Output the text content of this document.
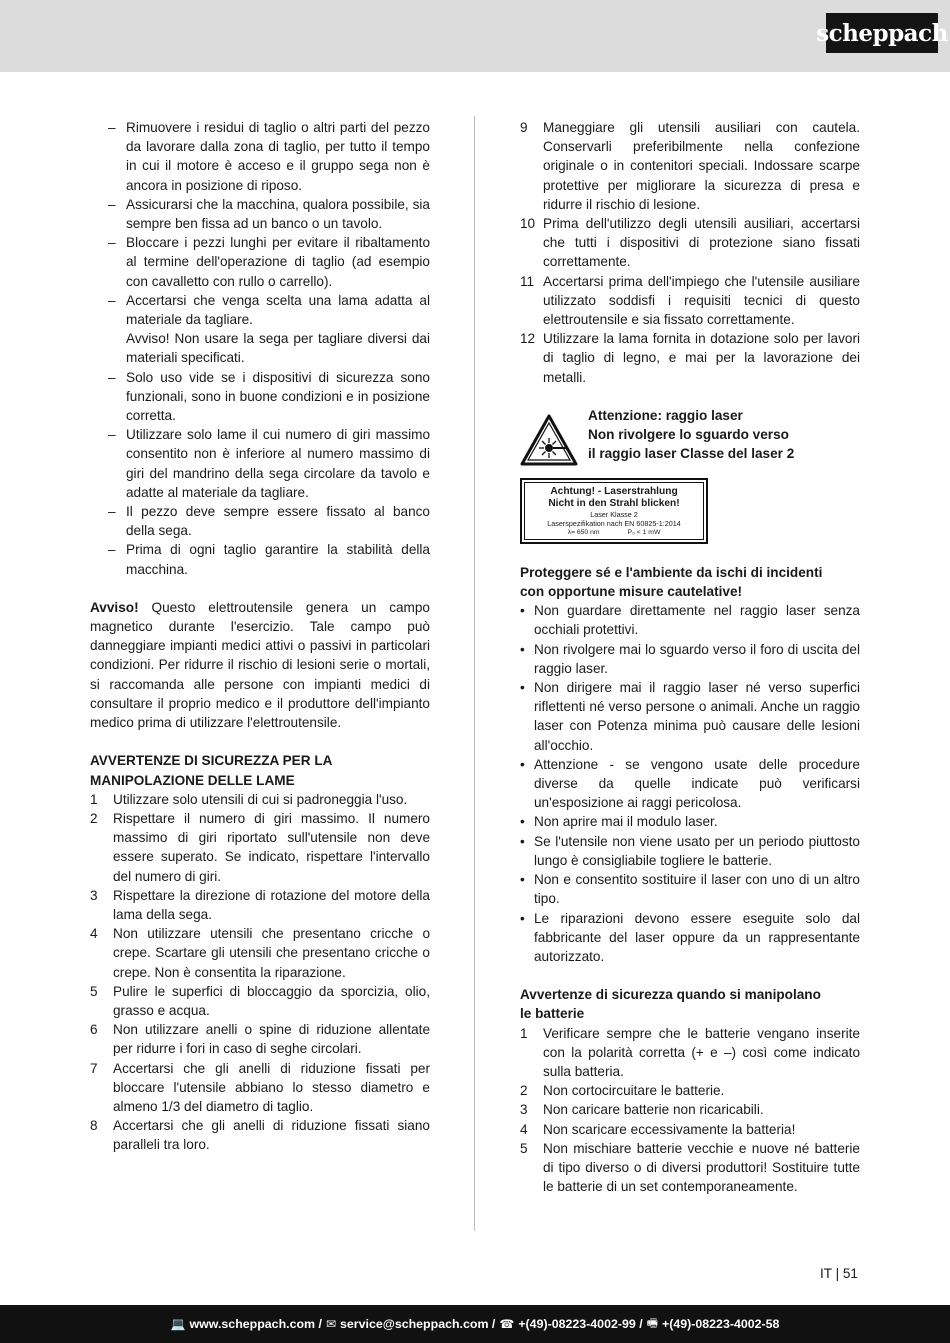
scheppach
– Rimuovere i residui di taglio o altri parti del pezzo da lavorare dalla zona di taglio, per tutto il tempo in cui il motore è acceso e il gruppo sega non è ancora in posizione di riposo.
– Assicurarsi che la macchina, qualora possibile, sia sempre ben fissa ad un banco o un tavolo.
– Bloccare i pezzi lunghi per evitare il ribaltamento al termine dell'operazione di taglio (ad esempio con cavalletto con rullo o carrello).
– Accertarsi che venga scelta una lama adatta al materiale da tagliare.
Avviso! Non usare la sega per tagliare diversi dai materiali specificati.
– Solo uso vide se i dispositivi di sicurezza sono funzionali, sono in buone condizioni e in posizione corretta.
– Utilizzare solo lame il cui numero di giri massimo consentito non è inferiore al numero massimo di giri del mandrino della sega circolare da tavolo e adatte al materiale da tagliare.
– Il pezzo deve sempre essere fissato al banco della sega.
– Prima di ogni taglio garantire la stabilità della macchina.

Avviso! Questo elettroutensile genera un campo magnetico durante l'esercizio. Tale campo può danneggiare impianti medici attivi o passivi in particolari condizioni. Per ridurre il rischio di lesioni serie o mortali, si raccomanda alle persone con impianti medici di consultare il proprio medico e il produttore dell'impianto medico prima di utilizzare l'elettroutensile.

AVVERTENZE DI SICUREZZA PER LA
MANIPOLAZIONE DELLE LAME
1	Utilizzare solo utensili di cui si padroneggia l'uso.
2	Rispettare il numero di giri massimo. Il numero massimo di giri riportato sull'utensile non deve essere superato. Se indicato, rispettare l'intervallo del numero di giri.
3	Rispettare la direzione di rotazione del motore della lama della sega.
4	Non utilizzare utensili che presentano cricche o crepe. Scartare gli utensili che presentano cricche o crepe. Non è consentita la riparazione.
5	Pulire le superfici di bloccaggio da sporcizia, olio, grasso e acqua.
6	Non utilizzare anelli o spine di riduzione allentate per ridurre i fori in caso di seghe circolari.
7	Accertarsi che gli anelli di riduzione fissati per bloccare l'utensile abbiano lo stesso diametro e almeno 1/3 del diametro di taglio.
8	Accertarsi che gli anelli di riduzione fissati siano paralleli tra loro.
9	Maneggiare gli utensili ausiliari con cautela. Conservarli preferibilmente nella confezione originale o in contenitori speciali. Indossare scarpe protettive per migliorare la sicurezza di presa e ridurre il rischio di lesione.
10 Prima dell'utilizzo degli utensili ausiliari, accertarsi che tutti i dispositivi di protezione siano fissati correttamente.
11 Accertarsi prima dell'impiego che l'utensile ausiliare utilizzato soddisfi i requisiti tecnici di questo elettroutensile e sia fissato correttamente.
12 Utilizzare la lama fornita in dotazione solo per lavori di taglio di legno, e mai per la lavorazione dei metalli.
Attenzione: raggio laser
Non rivolgere lo sguardo verso
il raggio laser Classe del laser 2
Achtung! - Laserstrahlung
Nicht in den Strahl blicken!
Laser Klasse 2
Laserspezifikation nach EN 60825-1:2014
λ= 650 nm	P₀ < 1 mW
Proteggere sé e l'ambiente da ischi di incidenti
con opportune misure cautelative!
• Non guardare direttamente nel raggio laser senza occhiali protettivi.
• Non rivolgere mai lo sguardo verso il foro di uscita del raggio laser.
• Non dirigere mai il raggio laser né verso superfici riflettenti né verso persone o animali. Anche un raggio laser con Potenza minima può causare delle lesioni all'occhio.
• Attenzione - se vengono usate delle procedure diverse da quelle indicate può verificarsi un'esposizione ai raggi pericolosa.
• Non aprire mai il modulo laser.
• Se l'utensile non viene usato per un periodo piuttosto lungo è consigliabile togliere le batterie.
• Non e consentito sostituire il laser con uno di un altro tipo.
• Le riparazioni devono essere eseguite solo dal fabbricante del laser oppure da un rappresentante autorizzato.
Avvertenze di sicurezza quando si manipolano
le batterie
1	Verificare sempre che le batterie vengano inserite con la polarità corretta (+ e –) così come indicato sulla batteria.
2	Non cortocircuitare le batterie.
3	Non caricare batterie non ricaricabili.
4	Non scaricare eccessivamente la batteria!
5	Non mischiare batterie vecchie e nuove né batterie di tipo diverso o di diversi produttori! Sostituire tutte le batterie di un set contemporaneamente.
IT | 51
💻 www.scheppach.com / ✉ service@scheppach.com / ☎ +(49)-08223-4002-99 / 🖷 +(49)-08223-4002-58
